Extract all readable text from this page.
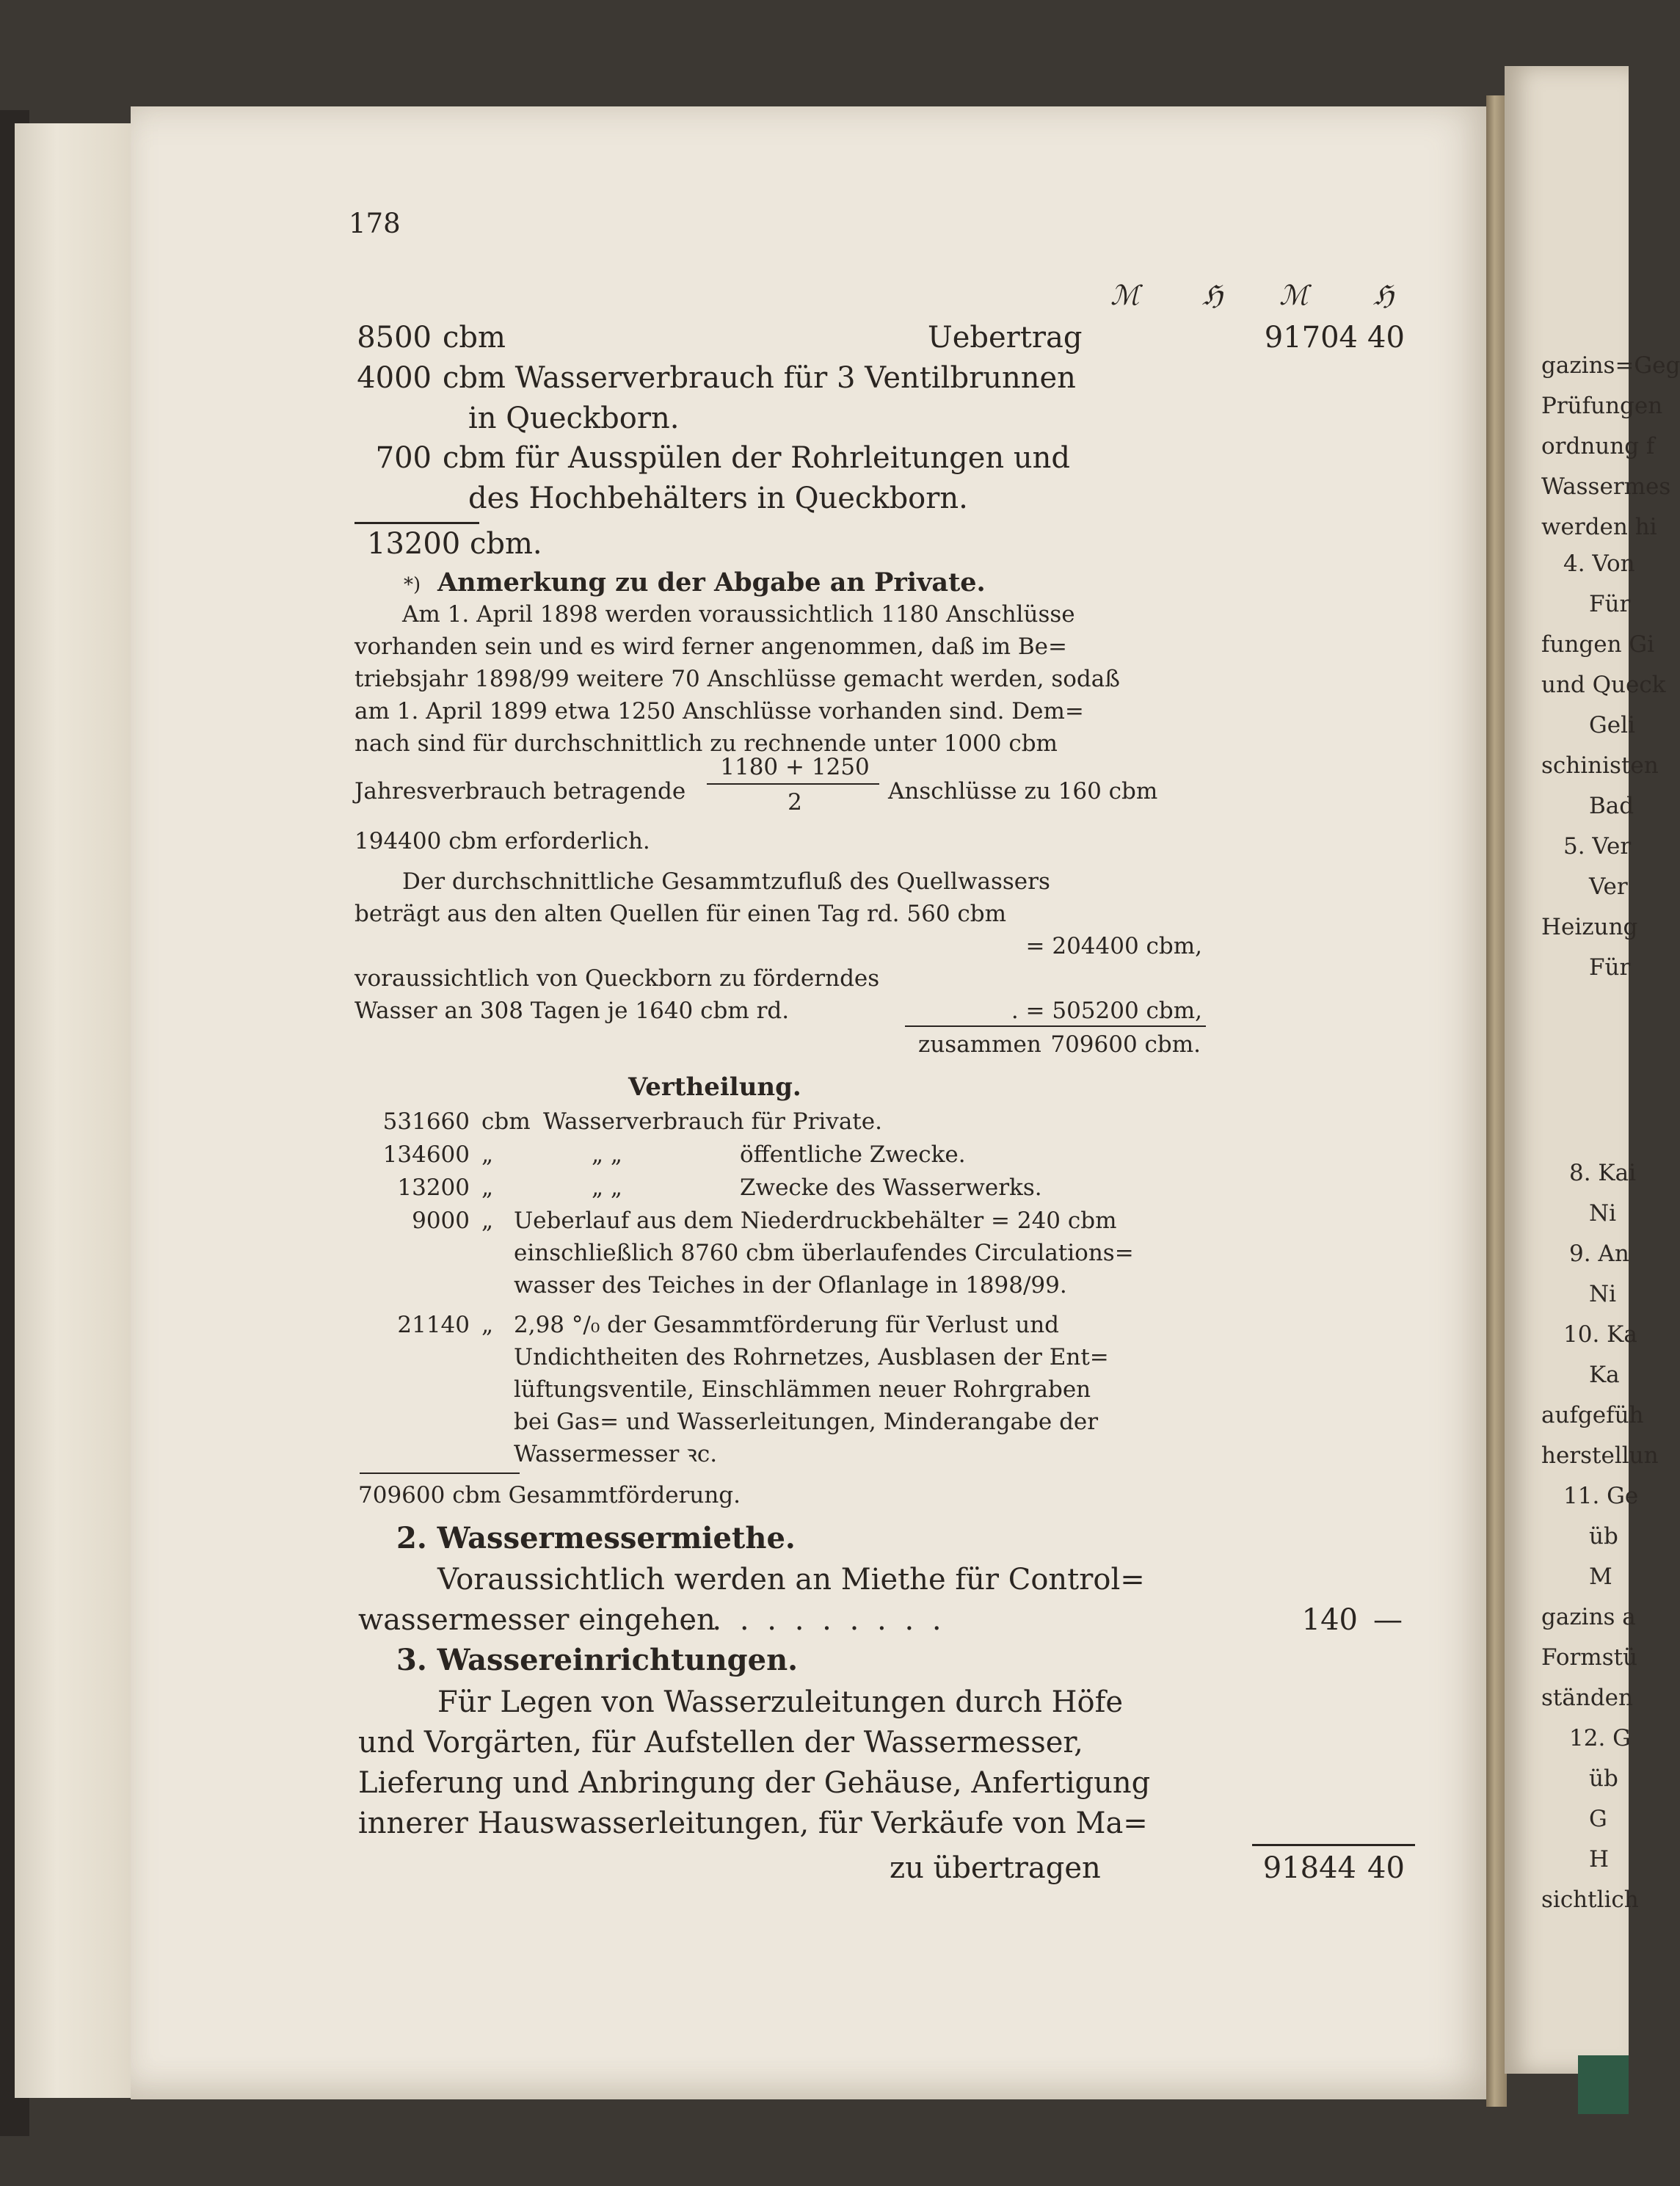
178
ℳ ℌ ℳ ℌ
Uebertrag	91704 40
8500 cbm
4000 cbm Wasserverbrauch für 3 Ventilbrunnen
in Queckborn.
700 cbm für Ausspülen der Rohrleitungen und
des Hochbehälters in Queckborn.
13200 cbm.
*) Anmerkung zu der Abgabe an Private.
Am 1. April 1898 werden voraussichtlich 1180 Anschlüsse
vorhanden sein und es wird ferner angenommen, daß im Be=
triebsjahr 1898/99 weitere 70 Anschlüsse gemacht werden, sodaß
am 1. April 1899 etwa 1250 Anschlüsse vorhanden sind. Dem=
nach sind für durchschnittlich zu rechnende unter 1000 cbm
Jahresverbrauch betragende
1180 + 1250
2	Anschlüsse zu 160 cbm
194400 cbm erforderlich.
Der durchschnittliche Gesammtzufluß des Quellwassers
beträgt aus den alten Quellen für einen Tag rd. 560 cbm
= 204400 cbm,
voraussichtlich von Queckborn zu förderndes
Wasser an 308 Tagen je 1640 cbm rd.	. = 505200 cbm,
zusammen 709600 cbm.
Vertheilung.
531660 cbm Wasserverbrauch für Private.
134600 „	„ „	öffentliche Zwecke.
13200 „	„ „	Zwecke des Wasserwerks.
9000 „ Ueberlauf aus dem Niederdruckbehälter = 240 cbm
einschließlich 8760 cbm überlaufendes Circulations=
wasser des Teiches in der Oflanlage in 1898/99.
21140 „ 2,98 °/₀ der Gesammtförderung für Verlust und
Undichtheiten des Rohrnetzes, Ausblasen der Ent=
lüftungsventile, Einschlämmen neuer Rohrgraben
bei Gas= und Wasserleitungen, Minderangabe der
Wassermesser ꝛc.
709600 cbm Gesammtförderung.
2. Wassermessermiethe.
Voraussichtlich werden an Miethe für Control=
wassermesser eingehen
. . . . . . . . . .	140 —
3. Wassereinrichtungen.
Für Legen von Wasserzuleitungen durch Höfe
und Vorgärten, für Aufstellen der Wassermesser,
Lieferung und Anbringung der Gehäuse, Anfertigung
innerer Hauswasserleitungen, für Verkäufe von Ma=
zu übertragen	91844 40
gazins=Geg
Prüfungen
ordnung f
Wassermes
werden hi
4. Von
Für
fungen Gi
und Queck
Geli
schinisten
Bad
5. Ver
Ver
Heizung
Für
8. Kai
Ni
9. An
Ni
10. Ka
Ka
aufgefüh
herstellun
11. Ge
üb
M
gazins a
Formstü
ständen
12. G
üb
G
H
sichtlich
